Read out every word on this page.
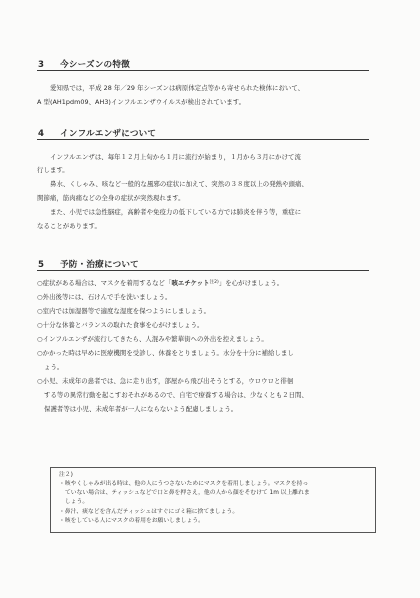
3 今シーズンの特徴
愛知県では，平成 28 年／29 年シーズンは病原体定点等から寄せられた検体において、
A 型(AH1pdm09、AH3)インフルエンザウイルスが検出されています。
4 インフルエンザについて
インフルエンザは、毎年１２月上旬から１月に流行が始まり，１月から３月にかけて流
行します。
鼻水、くしゃみ、咳など一般的な風邪の症状に加えて、突然の３８度以上の発熱や頭痛、
関節痛，筋肉痛などの全身の症状が突然現れます。
また、小児では急性脳症，高齢者や免疫力の低下している方では肺炎を伴う等，重症に
なることがあります。
5 予防・治療について
○症状がある場合は、マスクを着用するなど「咳エチケット$^{注2)}$」を心がけましょう。
○外出後等には、石けんで手を洗いましょう。
○室内では加湿器等で適度な湿度を保つようにしましょう。
○十分な休養とバランスの取れた食事を心がけましょう。
○インフルエンザが流行してきたら、人混みや繁華街への外出を控えましょう。
○かかった時は早めに医療機関を受診し、休養をとりましょう。水分を十分に補給しまし
ょう。
○小児、未成年の患者では、急に走り出す，部屋から飛び出そうとする，ウロウロと徘徊
する等の異常行動を起こすおそれがあるので、自宅で療養する場合は、少なくとも２日間、
保護者等は小児、未成年者が一人にならないよう配慮しましょう。
注２)
・咳やくしゃみが出る時は、他の人にうつさないためにマスクを着用しましょう。マスクを持っ
ていない場合は、ティッシュなどで口と鼻を押さえ，他の人から顔をそむけて 1m 以上離れま
しょう。
・鼻汁、痰などを含んだティッシュはすぐにゴミ箱に捨てましょう。
・咳をしている人にマスクの着用をお願いしましょう。
